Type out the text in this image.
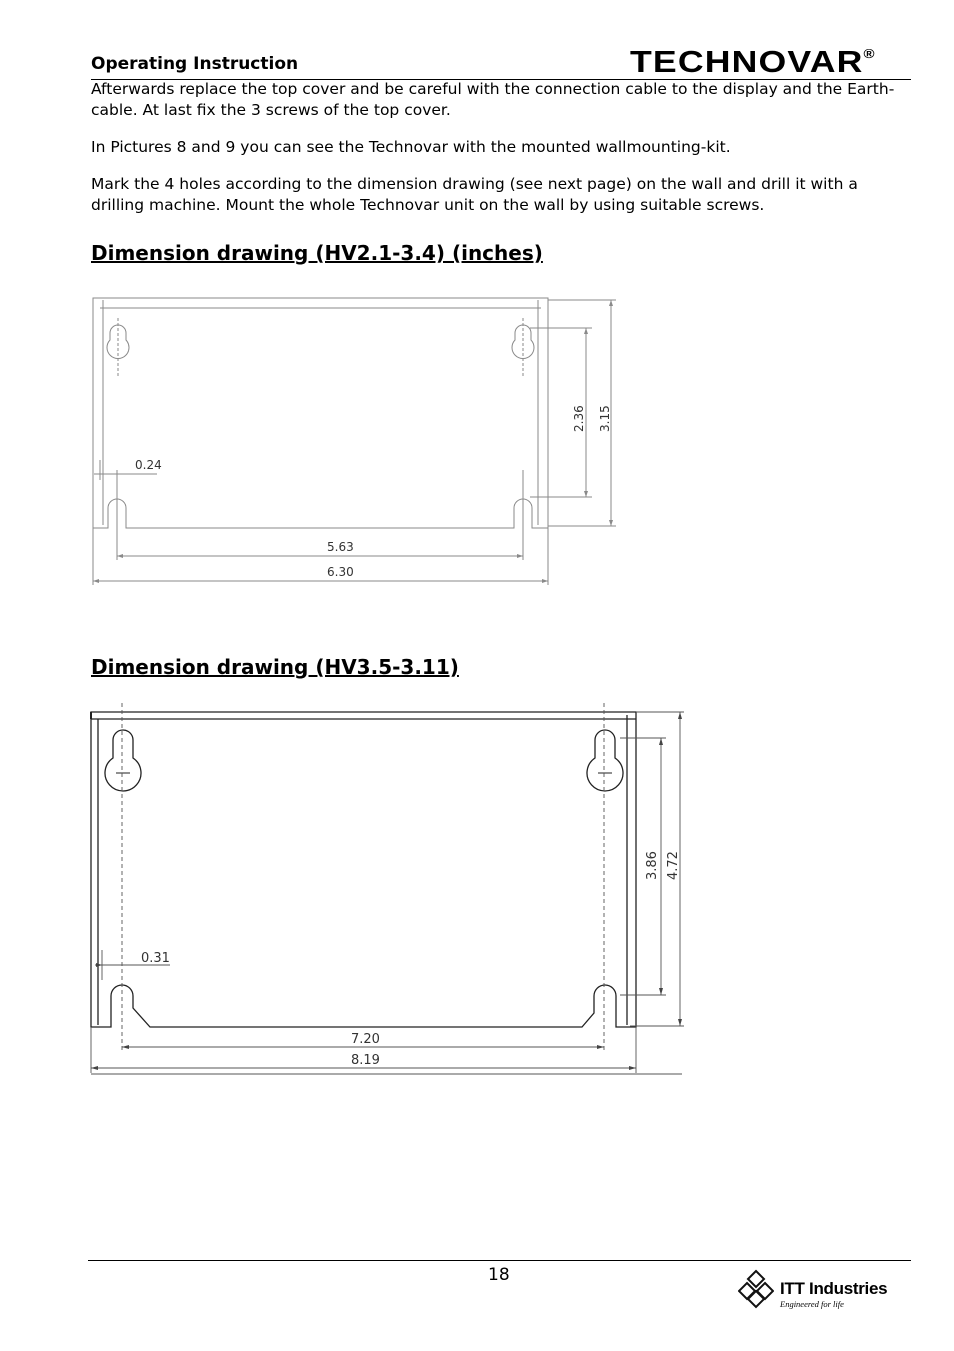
Operating Instruction	TECHNOVAR®
Afterwards replace the top cover and be careful with the connection cable to the display and the Earth-cable. At last fix the 3 screws of the top cover.
In Pictures 8 and 9 you can see the Technovar with the mounted wallmounting-kit.
Mark the 4 holes according to the dimension drawing (see next page) on the wall and drill it with a drilling machine. Mount the whole Technovar unit on the wall by using suitable screws.
Dimension drawing (HV2.1-3.4) (inches)
Dimension drawing (HV3.5-3.11)
0.24
5.63
6.30
2.36 3.15
0.31
7.20
8.19
3.86 4.72
18
ITT Industries
Engineered for life
